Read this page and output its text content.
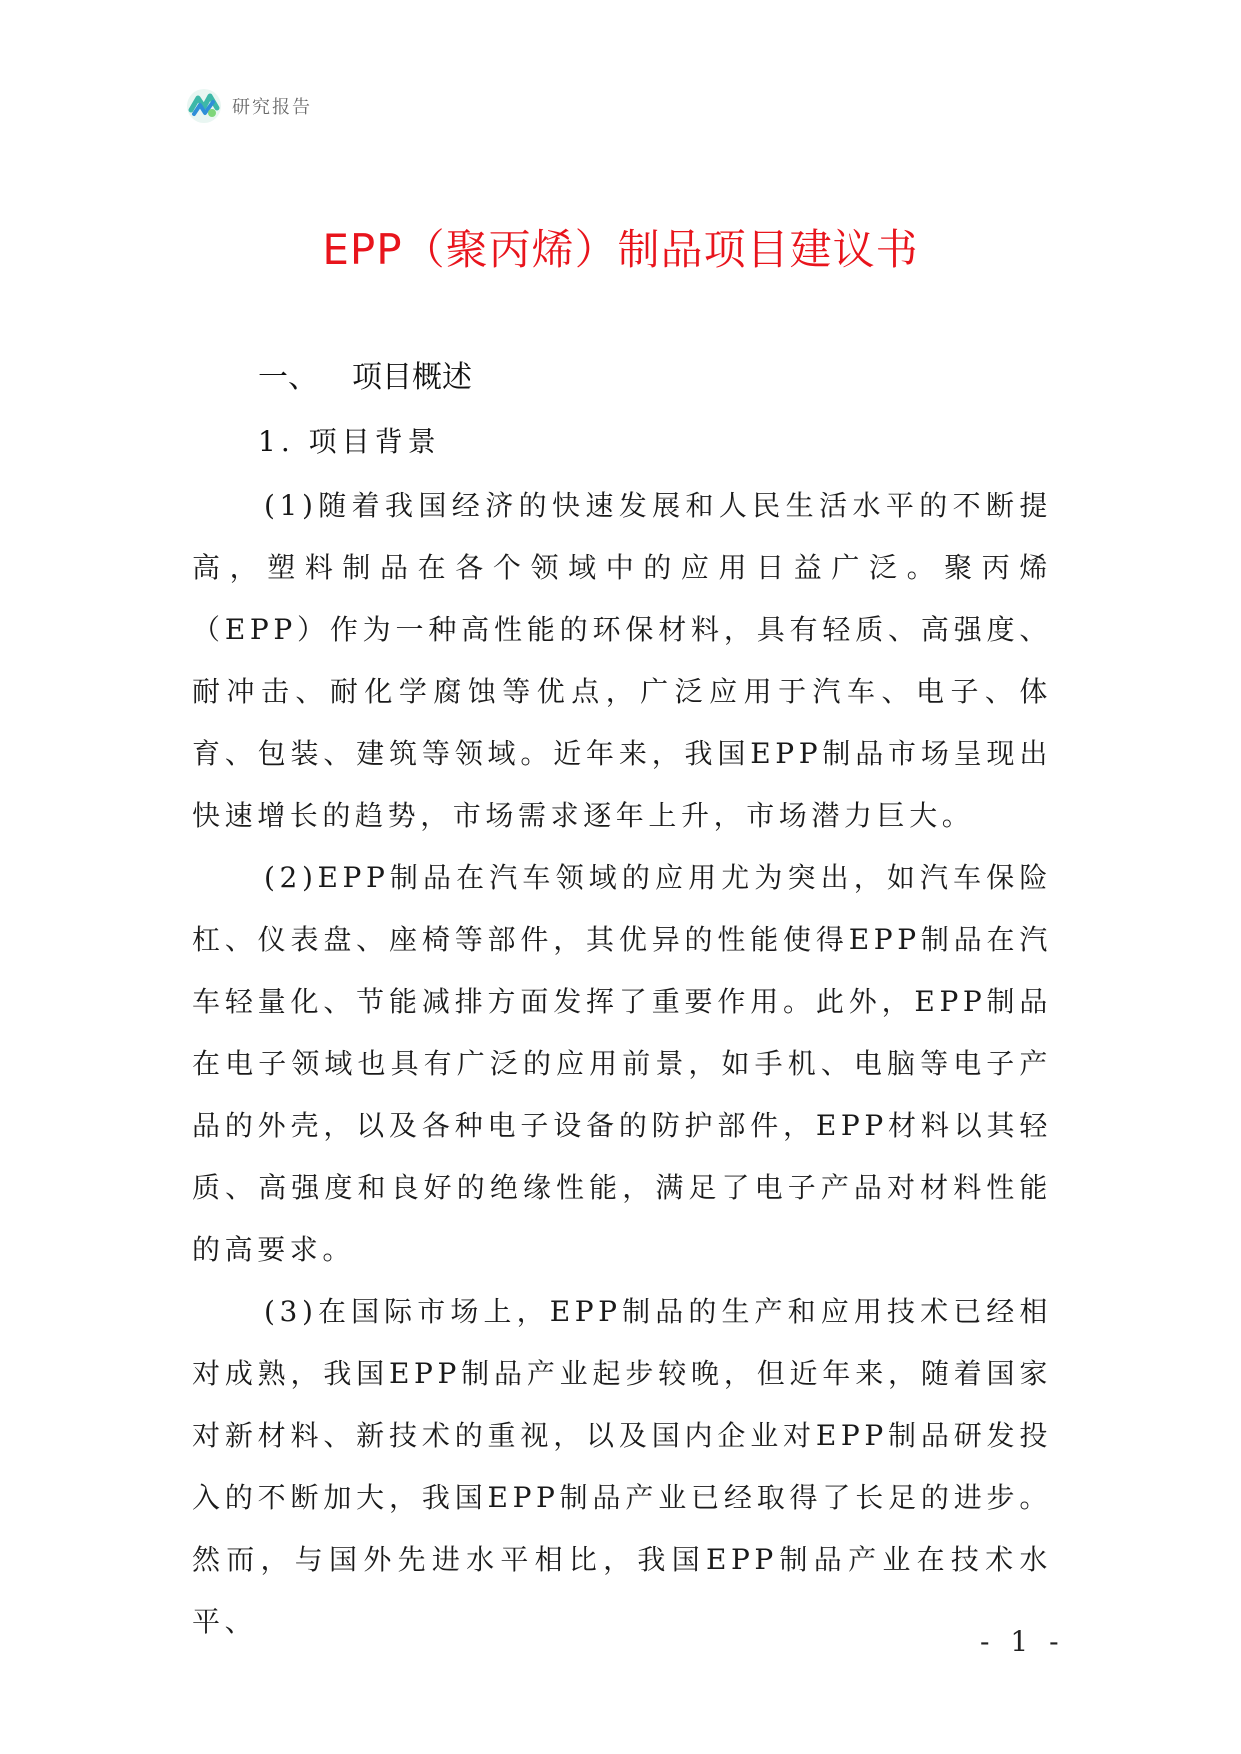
研究报告
EPP（聚丙烯）制品项目建议书
一、 项目概述
1. 项目背景

(1)随着我国经济的快速发展和人民生活水平的不断提高，塑料制品在各个领域中的应用日益广泛。聚丙烯（EPP）作为一种高性能的环保材料，具有轻质、高强度、耐冲击、耐化学腐蚀等优点，广泛应用于汽车、电子、体育、包装、建筑等领域。近年来，我国EPP制品市场呈现出快速增长的趋势，市场需求逐年上升，市场潜力巨大。

(2)EPP制品在汽车领域的应用尤为突出，如汽车保险杠、仪表盘、座椅等部件，其优异的性能使得EPP制品在汽车轻量化、节能减排方面发挥了重要作用。此外，EPP制品在电子领域也具有广泛的应用前景，如手机、电脑等电子产品的外壳，以及各种电子设备的防护部件，EPP材料以其轻质、高强度和良好的绝缘性能，满足了电子产品对材料性能的高要求。

(3)在国际市场上，EPP制品的生产和应用技术已经相对成熟，我国EPP制品产业起步较晚，但近年来，随着国家对新材料、新技术的重视，以及国内企业对EPP制品研发投入的不断加大，我国EPP制品产业已经取得了长足的进步。然而，与国外先进水平相比，我国EPP制品产业在技术水平、

- 1 -
